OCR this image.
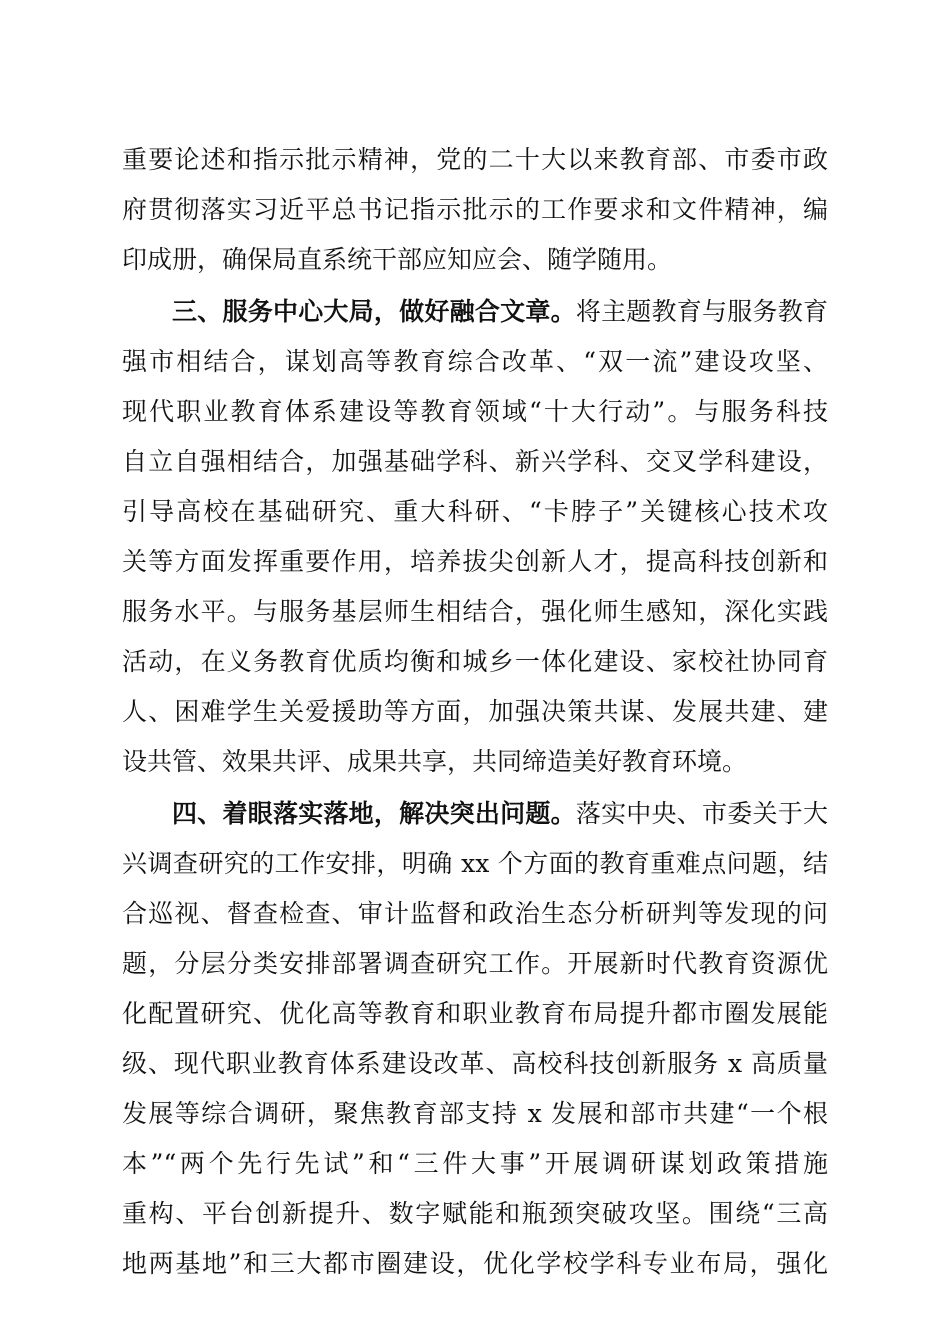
重要论述和指示批示精神，党的二十大以来教育部、市委市政
府贯彻落实习近平总书记指示批示的工作要求和文件精神，编
印成册，确保局直系统干部应知应会、随学随用。
三、服务中心大局，做好融合文章。将主题教育与服务教育
强市相结合，谋划高等教育综合改革、“双一流”建设攻坚、
现代职业教育体系建设等教育领域“十大行动”。与服务科技
自立自强相结合，加强基础学科、新兴学科、交叉学科建设，
引导高校在基础研究、重大科研、“卡脖子”关键核心技术攻
关等方面发挥重要作用，培养拔尖创新人才，提高科技创新和
服务水平。与服务基层师生相结合，强化师生感知，深化实践
活动，在义务教育优质均衡和城乡一体化建设、家校社协同育
人、困难学生关爱援助等方面，加强决策共谋、发展共建、建
设共管、效果共评、成果共享，共同缔造美好教育环境。
四、着眼落实落地，解决突出问题。落实中央、市委关于大
兴调查研究的工作安排，明确 xx 个方面的教育重难点问题，结
合巡视、督查检查、审计监督和政治生态分析研判等发现的问
题，分层分类安排部署调查研究工作。开展新时代教育资源优
化配置研究、优化高等教育和职业教育布局提升都市圈发展能
级、现代职业教育体系建设改革、高校科技创新服务 x 高质量
发展等综合调研，聚焦教育部支持 x 发展和部市共建“一个根
本”“两个先行先试”和“三件大事”开展调研谋划政策措施
重构、平台创新提升、数字赋能和瓶颈突破攻坚。围绕“三高
地两基地”和三大都市圈建设，优化学校学科专业布局，强化
